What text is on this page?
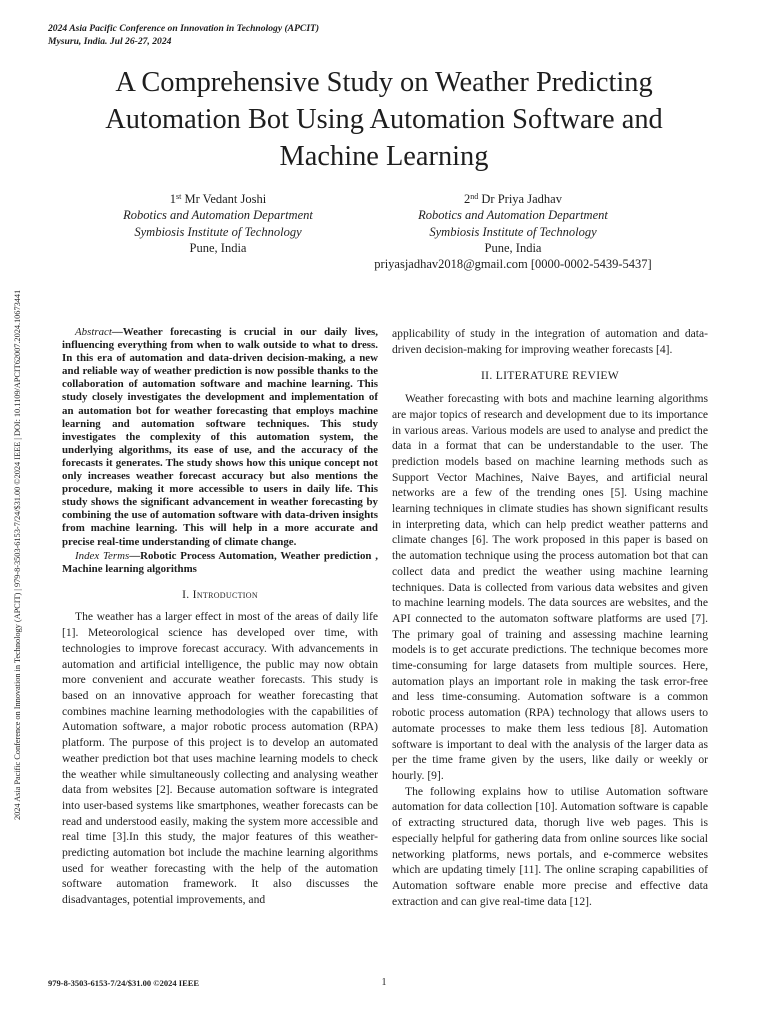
2024 Asia Pacific Conference on Innovation in Technology (APCIT)
Mysuru, India. Jul 26-27, 2024
2024 Asia Pacific Conference on Innovation in Technology (APCIT) | 979-8-3503-6153-7/24/$31.00 ©2024 IEEE | DOI: 10.1109/APCIT62007.2024.10673441
A Comprehensive Study on Weather Predicting Automation Bot Using Automation Software and Machine Learning
1st Mr Vedant Joshi
Robotics and Automation Department
Symbiosis Institute of Technology
Pune, India
2nd Dr Priya Jadhav
Robotics and Automation Department
Symbiosis Institute of Technology
Pune, India
priyasjadhav2018@gmail.com [0000-0002-5439-5437]

Abstract—Weather forecasting is crucial in our daily lives, influencing everything from when to walk outside to what to dress. In this era of automation and data-driven decision-making, a new and reliable way of weather prediction is now possible thanks to the collaboration of automation software and machine learning. This study closely investigates the development and implementation of an automation bot for weather forecasting that employs machine learning and automation software techniques. This study investigates the complexity of this automation system, the underlying algorithms, its ease of use, and the accuracy of the forecasts it generates. The study shows how this unique concept not only increases weather forecast accuracy but also mentions the procedure, making it more accessible to users in daily life. This study shows the significant advancement in weather forecasting by combining the use of automation software with data-driven insights from machine learning. This will help in a more accurate and precise real-time understanding of climate change.

Index Terms—Robotic Process Automation, Weather prediction , Machine learning algorithms

I. Introduction

The weather has a larger effect in most of the areas of daily life [1]. Meteorological science has developed over time, with technologies to improve forecast accuracy. With advancements in automation and artificial intelligence, the public may now obtain more convenient and accurate weather forecasts. This study is based on an innovative approach for weather forecasting that combines machine learning methodologies with the capabilities of Automation software, a major robotic process automation (RPA) platform. The purpose of this project is to develop an automated weather prediction bot that uses machine learning models to check the weather while simultaneously collecting and analysing weather data from websites [2]. Because automation software is integrated into user-based systems like smartphones, weather forecasts can be read and understood easily, making the system more accessible and real time [3].In this study, the major features of this weather-predicting automation bot include the machine learning algorithms used for weather forecasting with the help of the automation software automation framework. It also discusses the disadvantages, potential improvements, and

applicability of study in the integration of automation and data-driven decision-making for improving weather forecasts [4].

II. LITERATURE REVIEW

Weather forecasting with bots and machine learning algorithms are major topics of research and development due to its importance in various areas. Various models are used to analyse and predict the data in a format that can be understandable to the user. The prediction models based on machine learning methods such as Support Vector Machines, Naive Bayes, and artificial neural networks are a few of the trending ones [5]. Using machine learning techniques in climate studies has shown significant results in interpreting data, which can help predict weather patterns and climate changes [6]. The work proposed in this paper is based on the automation technique using the process automation bot that can collect data and predict the weather using machine learning techniques. Data is collected from various data websites and given to machine learning models. The data sources are websites, and the API connected to the automaton software platforms are used [7]. The primary goal of training and assessing machine learning models is to get accurate predictions. The technique becomes more time-consuming for large datasets from multiple sources. Here, automation plays an important role in making the task error-free and less time-consuming. Automation software is a common robotic process automation (RPA) technology that allows users to automate processes to make them less tedious [8]. Automation software is important to deal with the analysis of the larger data as per the time frame given by the users, like daily or weekly or hourly. [9].

The following explains how to utilise Automation software automation for data collection [10]. Automation software is capable of extracting structured data, thorugh live web pages. This is especially helpful for gathering data from online sources like social networking platforms, news portals, and e-commerce websites which are updating timely [11]. The online scraping capabilities of Automation software enable more precise and effective data extraction and can give real-time data [12].

979-8-3503-6153-7/24/$31.00 ©2024 IEEE	1
